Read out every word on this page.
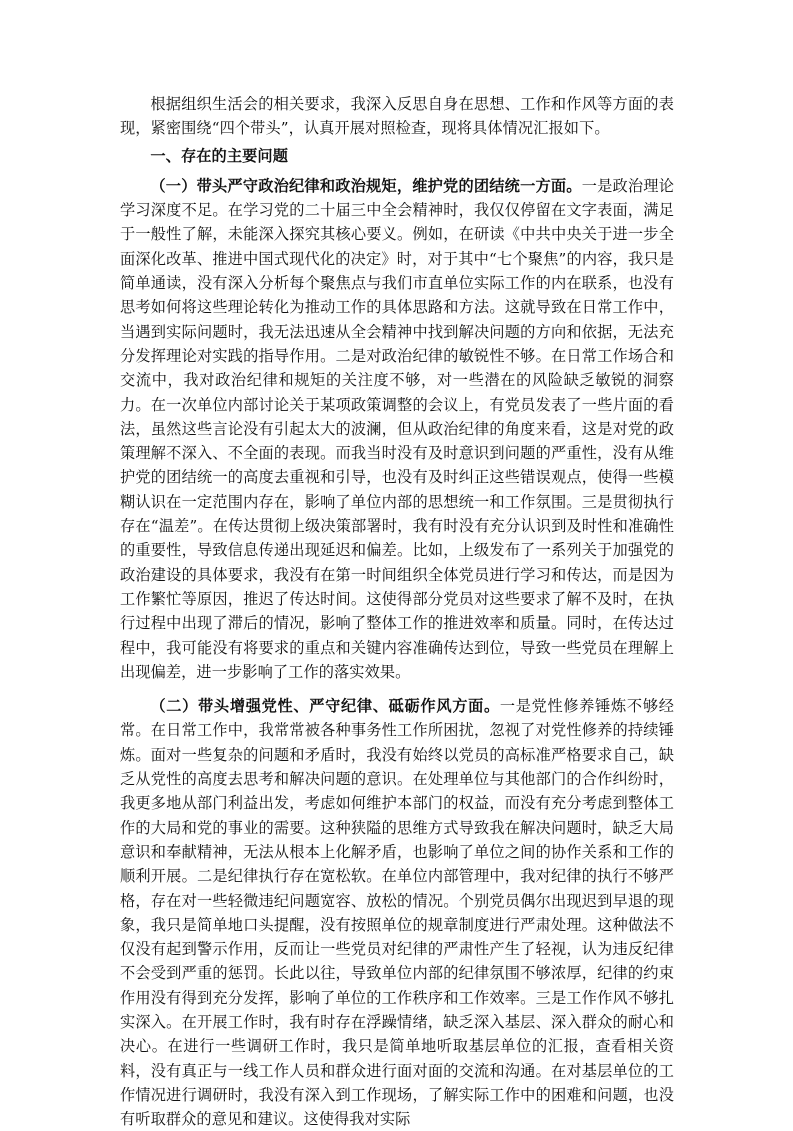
根据组织生活会的相关要求，我深入反思自身在思想、工作和作风等方面的表现，紧密围绕“四个带头”，认真开展对照检查，现将具体情况汇报如下。

一、存在的主要问题

（一）带头严守政治纪律和政治规矩，维护党的团结统一方面。一是政治理论学习深度不足。在学习党的二十届三中全会精神时，我仅仅停留在文字表面，满足于一般性了解，未能深入探究其核心要义。例如，在研读《中共中央关于进一步全面深化改革、推进中国式现代化的决定》时，对于其中“七个聚焦”的内容，我只是简单通读，没有深入分析每个聚焦点与我们市直单位实际工作的内在联系，也没有思考如何将这些理论转化为推动工作的具体思路和方法。这就导致在日常工作中，当遇到实际问题时，我无法迅速从全会精神中找到解决问题的方向和依据，无法充分发挥理论对实践的指导作用。二是对政治纪律的敏锐性不够。在日常工作场合和交流中，我对政治纪律和规矩的关注度不够，对一些潜在的风险缺乏敏锐的洞察力。在一次单位内部讨论关于某项政策调整的会议上，有党员发表了一些片面的看法，虽然这些言论没有引起太大的波澜，但从政治纪律的角度来看，这是对党的政策理解不深入、不全面的表现。而我当时没有及时意识到问题的严重性，没有从维护党的团结统一的高度去重视和引导，也没有及时纠正这些错误观点，使得一些模糊认识在一定范围内存在，影响了单位内部的思想统一和工作氛围。三是贯彻执行存在“温差”。在传达贯彻上级决策部署时，我有时没有充分认识到及时性和准确性的重要性，导致信息传递出现延迟和偏差。比如，上级发布了一系列关于加强党的政治建设的具体要求，我没有在第一时间组织全体党员进行学习和传达，而是因为工作繁忙等原因，推迟了传达时间。这使得部分党员对这些要求了解不及时，在执行过程中出现了滞后的情况，影响了整体工作的推进效率和质量。同时，在传达过程中，我可能没有将要求的重点和关键内容准确传达到位，导致一些党员在理解上出现偏差，进一步影响了工作的落实效果。

（二）带头增强党性、严守纪律、砥砺作风方面。一是党性修养锤炼不够经常。在日常工作中，我常常被各种事务性工作所困扰，忽视了对党性修养的持续锤炼。面对一些复杂的问题和矛盾时，我没有始终以党员的高标准严格要求自己，缺乏从党性的高度去思考和解决问题的意识。在处理单位与其他部门的合作纠纷时，我更多地从部门利益出发，考虑如何维护本部门的权益，而没有充分考虑到整体工作的大局和党的事业的需要。这种狭隘的思维方式导致我在解决问题时，缺乏大局意识和奉献精神，无法从根本上化解矛盾，也影响了单位之间的协作关系和工作的顺利开展。二是纪律执行存在宽松软。在单位内部管理中，我对纪律的执行不够严格，存在对一些轻微违纪问题宽容、放松的情况。个别党员偶尔出现迟到早退的现象，我只是简单地口头提醒，没有按照单位的规章制度进行严肃处理。这种做法不仅没有起到警示作用，反而让一些党员对纪律的严肃性产生了轻视，认为违反纪律不会受到严重的惩罚。长此以往，导致单位内部的纪律氛围不够浓厚，纪律的约束作用没有得到充分发挥，影响了单位的工作秩序和工作效率。三是工作作风不够扎实深入。在开展工作时，我有时存在浮躁情绪，缺乏深入基层、深入群众的耐心和决心。在进行一些调研工作时，我只是简单地听取基层单位的汇报，查看相关资料，没有真正与一线工作人员和群众进行面对面的交流和沟通。在对基层单位的工作情况进行调研时，我没有深入到工作现场，了解实际工作中的困难和问题，也没有听取群众的意见和建议。这使得我对实际
